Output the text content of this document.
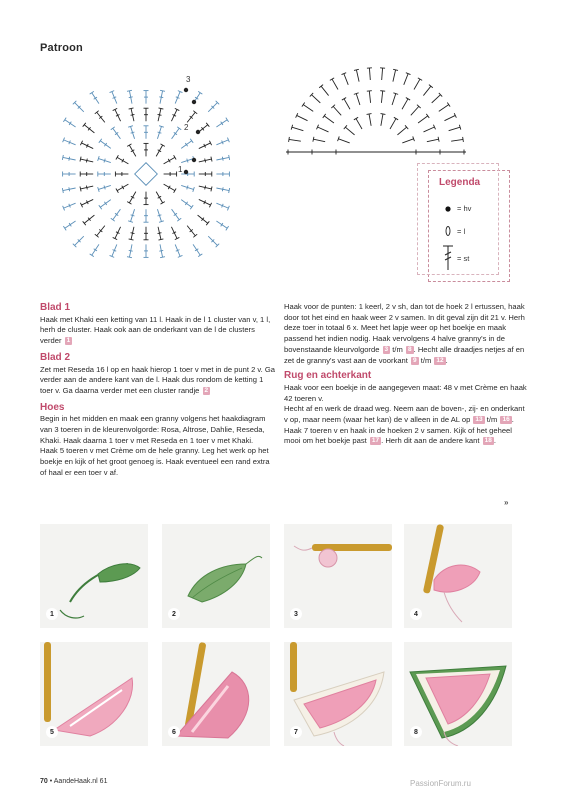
Patroon
3
2
1
Legenda
= hv
= l
= st
Blad 1

Haak met Khaki een ketting van 11 l. Haak in de l 1 cluster van v, 1 l, herh de cluster. Haak ook aan de onderkant van de l de clusters verder 1

Blad 2

Zet met Reseda 16 l op en haak hierop 1 toer v met in de punt 2 v. Ga verder aan de andere kant van de l. Haak dus rondom de ketting 1 toer v. Ga daarna verder met een cluster randje 2

Hoes

Begin in het midden en maak een granny volgens het haakdiagram van 3 toeren in de kleurenvolgorde: Rosa, Altrose, Dahlie, Reseda, Khaki. Haak daarna 1 toer v met Reseda en 1 toer v met Khaki.

Haak 5 toeren v met Crème om de hele granny. Leg het werk op het boekje en kijk of het groot genoeg is. Haak eventueel een rand extra of haal er een toer v af.

Haak voor de punten: 1 keerl, 2 v sh, dan tot de hoek 2 l ertussen, haak door tot het eind en haak weer 2 v samen. In dit geval zijn dit 21 v. Herh deze toer in totaal 6 x. Meet het lapje weer op het boekje en maak passend het indien nodig. Haak vervolgens 4 halve granny's in de bovenstaande kleurvolgorde 3 t/m 8 . Hecht alle draadjes netjes af en zet de granny's vast aan de voorkant 9 t/m 12 .

Rug en achterkant

Haak voor een boekje in de aangegeven maat: 48 v met Crème en haak 42 toeren v.

Hecht af en werk de draad weg. Neem aan de boven-, zij- en onderkant v op, maar neem (waar het kan) de v alleen in de AL op 13 t/m 16 . Haak 7 toeren v en haak in de hoeken 2 v samen. Kijk of het geheel mooi om het boekje past 17 . Herh dit aan de andere kant 18 .

»
1	2	3	4
5	6	7	8
70 • AandeHaak.nl 61	PassionForum.ru
